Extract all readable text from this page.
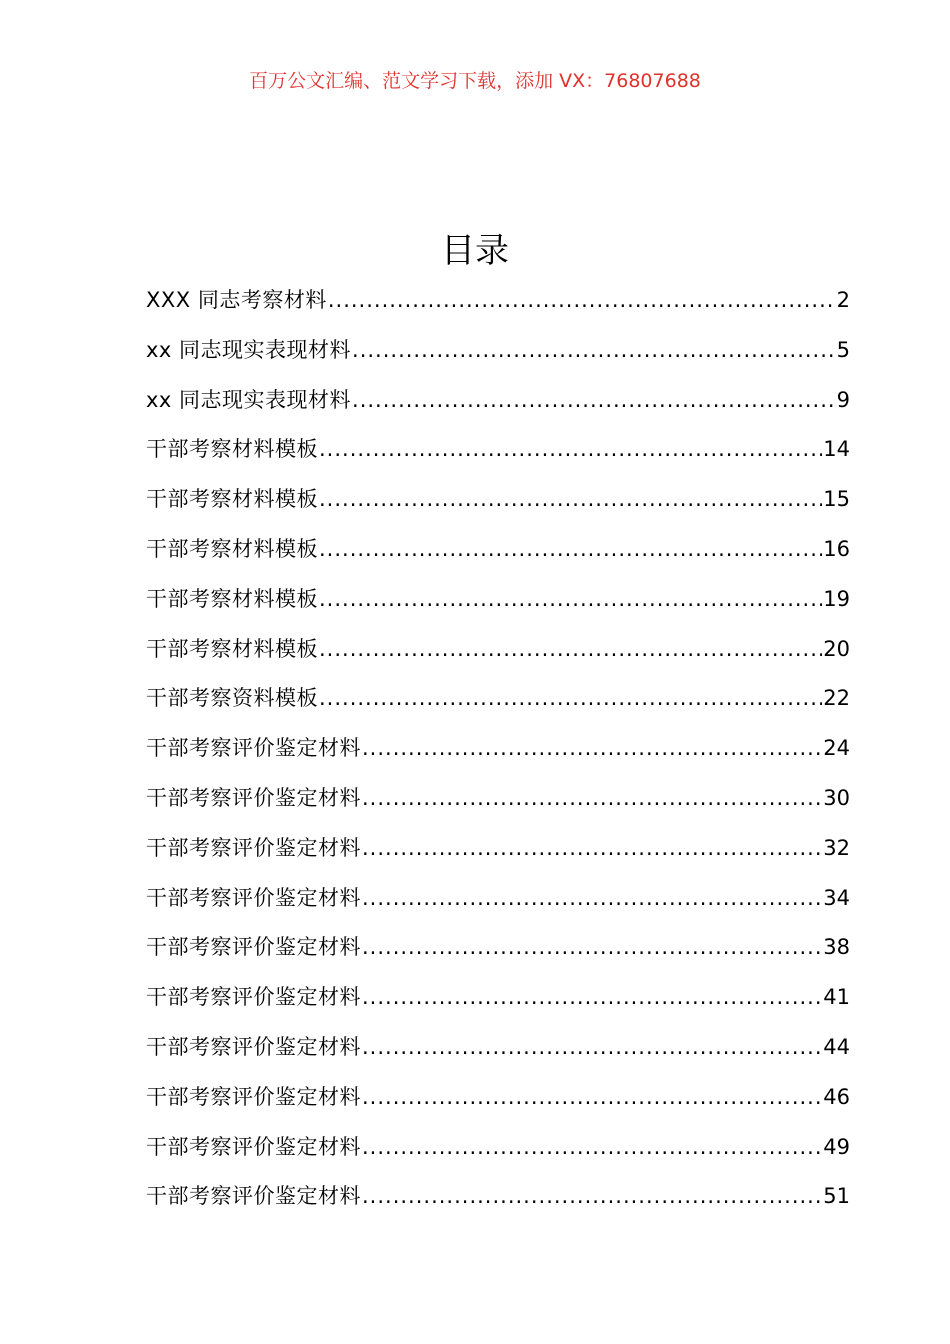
百万公文汇编、范文学习下载，添加 VX：76807688
目录
XXX 同志考察材料 .....	2
xx 同志现实表现材料 .....	5
xx 同志现实表现材料 .....	9
干部考察材料模板 .....	14
干部考察材料模板 .....	15
干部考察材料模板 .....	16
干部考察材料模板 .....	19
干部考察材料模板 .....	20
干部考察资料模板 .....	22
干部考察评价鉴定材料 .....	24
干部考察评价鉴定材料 .....	30
干部考察评价鉴定材料 .....	32
干部考察评价鉴定材料 .....	34
干部考察评价鉴定材料 .....	38
干部考察评价鉴定材料 .....	41
干部考察评价鉴定材料 .....	44
干部考察评价鉴定材料 .....	46
干部考察评价鉴定材料 .....	49
干部考察评价鉴定材料 .....	51
